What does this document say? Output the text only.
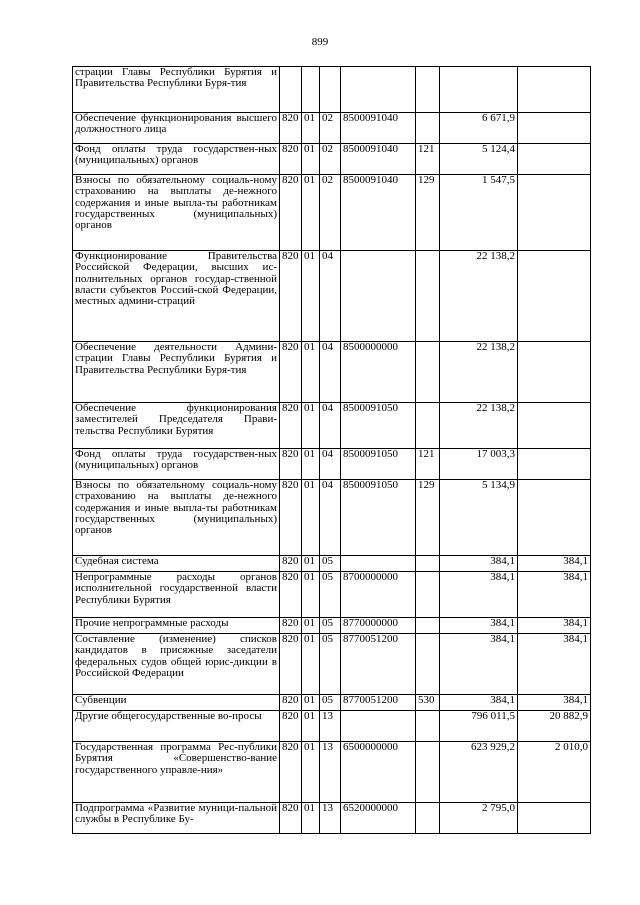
899
страции Главы Республики Бурятия и Правительства Республики Буря-тия							
Обеспечение функционирования высшего должностного лица	820	01	02	8500091040		6 671,9	
Фонд оплаты труда государствен-ных (муниципальных) органов	820	01	02	8500091040	121	5 124,4	
Взносы по обязательному социаль-ному страхованию на выплаты де-нежного содержания и иные выпла-ты работникам государственных (муниципальных) органов	820	01	02	8500091040	129	1 547,5	
Функционирование Правительства Российской Федерации, высших ис-полнительных органов государ-ственной власти субъектов Россий-ской Федерации, местных админи-страций	820	01	04			22 138,2	
Обеспечение деятельности Админи-страции Главы Республики Бурятия и Правительства Республики Буря-тия	820	01	04	8500000000		22 138,2	
Обеспечение функционирования заместителей Председателя Прави-тельства Республики Бурятия	820	01	04	8500091050		22 138,2	
Фонд оплаты труда государствен-ных (муниципальных) органов	820	01	04	8500091050	121	17 003,3	
Взносы по обязательному социаль-ному страхованию на выплаты де-нежного содержания и иные выпла-ты работникам государственных (муниципальных) органов	820	01	04	8500091050	129	5 134,9	
Судебная система	820	01	05			384,1	384,1
Непрограммные расходы органов исполнительной государственной власти Республики Бурятия	820	01	05	8700000000		384,1	384,1
Прочие непрограммные расходы	820	01	05	8770000000		384,1	384,1
Составление (изменение) списков кандидатов в присяжные заседатели федеральных судов общей юрис-дикции в Российской Федерации	820	01	05	8770051200		384,1	384,1
Субвенции	820	01	05	8770051200	530	384,1	384,1
Другие общегосударственные во-просы	820	01	13			796 011,5	20 882,9
Государственная программа Рес-публики Бурятия «Совершенство-вание государственного управле-ния»	820	01	13	6500000000		623 929,2	2 010,0
Подпрограмма «Развитие муници-пальной службы в Республике Бу-	820	01	13	6520000000		2 795,0	
